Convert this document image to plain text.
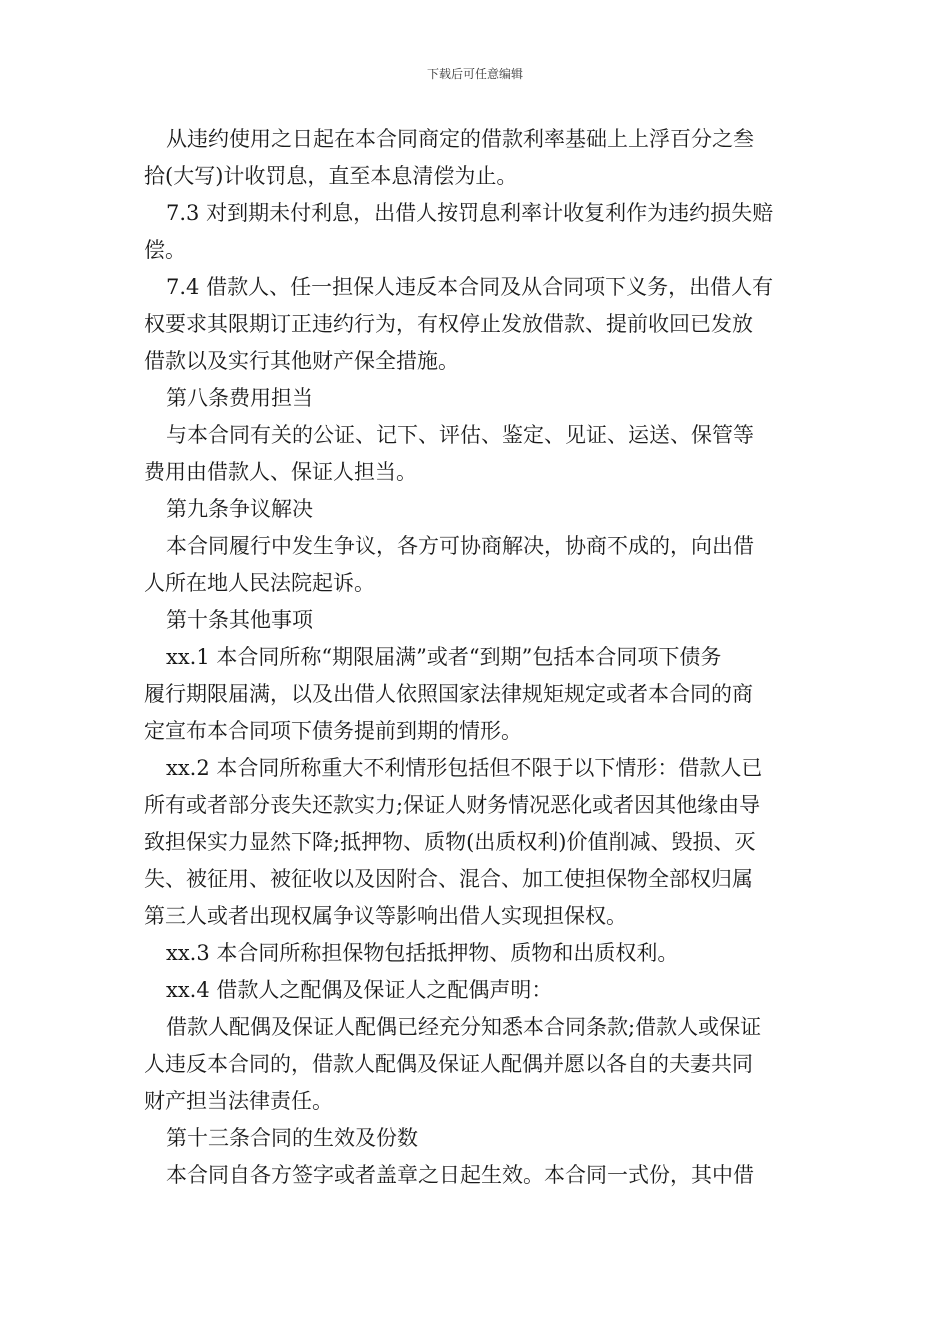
下载后可任意编辑
从违约使用之日起在本合同商定的借款利率基础上上浮百分之叁
拾(大写)计收罚息，直至本息清偿为止。
7.3 对到期未付利息，出借人按罚息利率计收复利作为违约损失赔
偿。
7.4 借款人、任一担保人违反本合同及从合同项下义务，出借人有
权要求其限期订正违约行为，有权停止发放借款、提前收回已发放
借款以及实行其他财产保全措施。
第八条费用担当
与本合同有关的公证、记下、评估、鉴定、见证、运送、保管等
费用由借款人、保证人担当。
第九条争议解决
本合同履行中发生争议，各方可协商解决，协商不成的，向出借
人所在地人民法院起诉。
第十条其他事项
xx.1 本合同所称“期限届满”或者“到期”包括本合同项下债务
履行期限届满，以及出借人依照国家法律规矩规定或者本合同的商
定宣布本合同项下债务提前到期的情形。
xx.2 本合同所称重大不利情形包括但不限于以下情形：借款人已
所有或者部分丧失还款实力;保证人财务情况恶化或者因其他缘由导
致担保实力显然下降;抵押物、质物(出质权利)价值削减、毁损、灭
失、被征用、被征收以及因附合、混合、加工使担保物全部权归属
第三人或者出现权属争议等影响出借人实现担保权。
xx.3 本合同所称担保物包括抵押物、质物和出质权利。
xx.4 借款人之配偶及保证人之配偶声明：
借款人配偶及保证人配偶已经充分知悉本合同条款;借款人或保证
人违反本合同的，借款人配偶及保证人配偶并愿以各自的夫妻共同
财产担当法律责任。
第十三条合同的生效及份数
本合同自各方签字或者盖章之日起生效。本合同一式份，其中借
